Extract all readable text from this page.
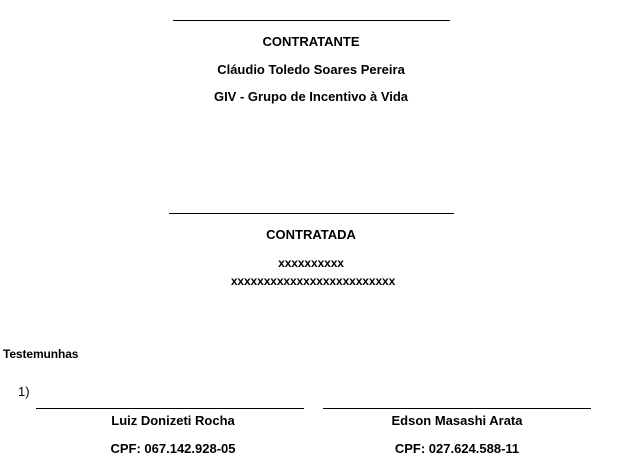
CONTRATANTE
Cláudio Toledo Soares Pereira
GIV - Grupo de Incentivo à Vida
CONTRATADA
xxxxxxxxxx
xxxxxxxxxxxxxxxxxxxxxxxxx
Testemunhas
1)
Luiz Donizeti Rocha
CPF: 067.142.928-05
Edson Masashi Arata
CPF: 027.624.588-11
